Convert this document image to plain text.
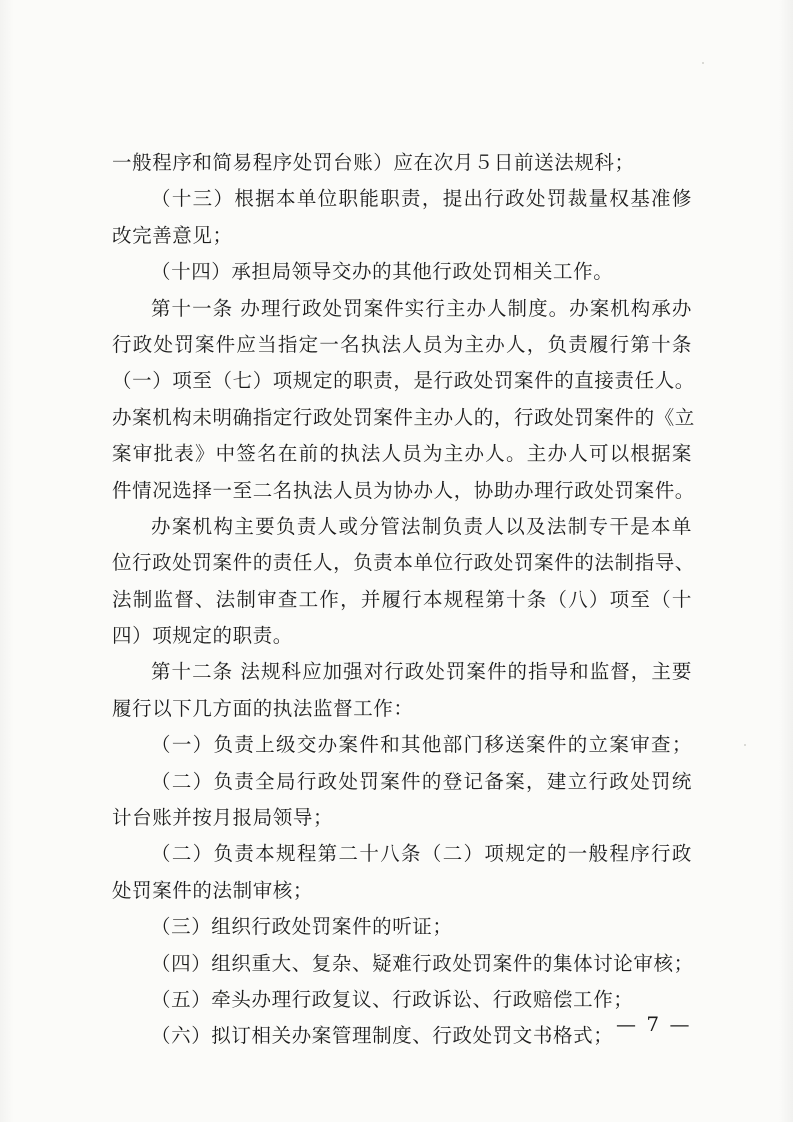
一般程序和简易程序处罚台账）应在次月５日前送法规科；
（十三）根据本单位职能职责，提出行政处罚裁量权基准修
改完善意见；
（十四）承担局领导交办的其他行政处罚相关工作。
第十一条 办理行政处罚案件实行主办人制度。办案机构承办
行政处罚案件应当指定一名执法人员为主办人，负责履行第十条
（一）项至（七）项规定的职责，是行政处罚案件的直接责任人。
办案机构未明确指定行政处罚案件主办人的，行政处罚案件的《立
案审批表》中签名在前的执法人员为主办人。主办人可以根据案
件情况选择一至二名执法人员为协办人，协助办理行政处罚案件。
办案机构主要负责人或分管法制负责人以及法制专干是本单
位行政处罚案件的责任人，负责本单位行政处罚案件的法制指导、
法制监督、法制审查工作，并履行本规程第十条（八）项至（十
四）项规定的职责。
第十二条 法规科应加强对行政处罚案件的指导和监督，主要
履行以下几方面的执法监督工作：
（一）负责上级交办案件和其他部门移送案件的立案审查；
（二）负责全局行政处罚案件的登记备案，建立行政处罚统
计台账并按月报局领导；
（二）负责本规程第二十八条（二）项规定的一般程序行政
处罚案件的法制审核；
（三）组织行政处罚案件的听证；
（四）组织重大、复杂、疑难行政处罚案件的集体讨论审核；
（五）牵头办理行政复议、行政诉讼、行政赔偿工作；
（六）拟订相关办案管理制度、行政处罚文书格式； — 7 —
